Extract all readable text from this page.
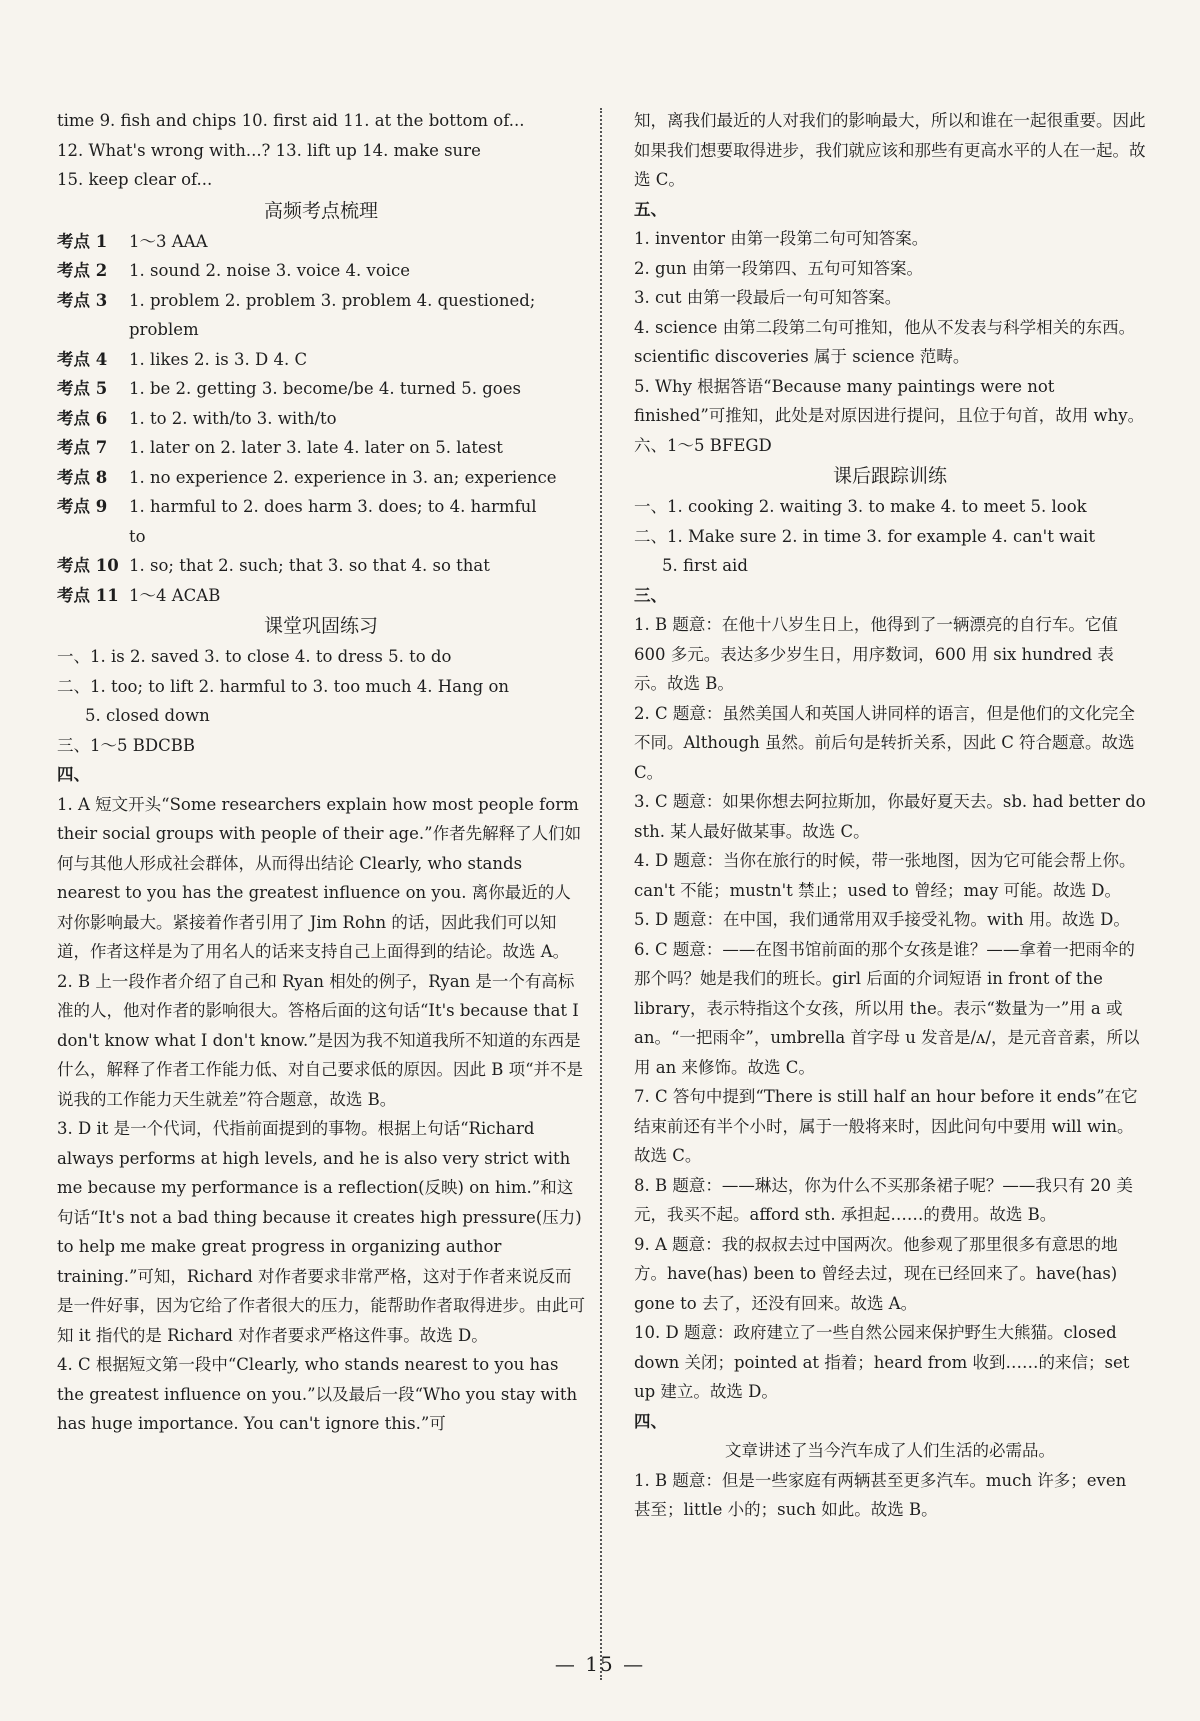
time 9. fish and chips 10. first aid 11. at the bottom of...
12. What's wrong with...? 13. lift up 14. make sure
15. keep clear of...
高频考点梳理
考点 1 1～3 AAA
考点 2 1. sound 2. noise 3. voice 4. voice
考点 3 1. problem 2. problem 3. problem 4. questioned;
problem
考点 4 1. likes 2. is 3. D 4. C
考点 5 1. be 2. getting 3. become/be 4. turned 5. goes
考点 6 1. to 2. with/to 3. with/to
考点 7 1. later on 2. later 3. late 4. later on 5. latest
考点 8 1. no experience 2. experience in 3. an; experience
考点 9 1. harmful to 2. does harm 3. does; to 4. harmful
to
考点 10 1. so; that 2. such; that 3. so that 4. so that
考点 11 1～4 ACAB
课堂巩固练习
一、1. is 2. saved 3. to close 4. to dress 5. to do
二、1. too; to lift 2. harmful to 3. too much 4. Hang on
5. closed down
三、1～5 BDCBB
四、
1. A 短文开头“Some researchers explain how most people form their social groups with people of their age.”作者先解释了人们如何与其他人形成社会群体，从而得出结论 Clearly, who stands nearest to you has the greatest influence on you. 离你最近的人对你影响最大。紧接着作者引用了 Jim Rohn 的话，因此我们可以知道，作者这样是为了用名人的话来支持自己上面得到的结论。故选 A。
2. B 上一段作者介绍了自己和 Ryan 相处的例子，Ryan 是一个有高标准的人，他对作者的影响很大。答格后面的这句话“It's because that I don't know what I don't know.”是因为我不知道我所不知道的东西是什么，解释了作者工作能力低、对自己要求低的原因。因此 B 项“并不是说我的工作能力天生就差”符合题意，故选 B。
3. D it 是一个代词，代指前面提到的事物。根据上句话“Richard always performs at high levels, and he is also very strict with me because my performance is a reflection(反映) on him.”和这句话“It's not a bad thing because it creates high pressure(压力) to help me make great progress in organizing author training.”可知，Richard 对作者要求非常严格，这对于作者来说反而是一件好事，因为它给了作者很大的压力，能帮助作者取得进步。由此可知 it 指代的是 Richard 对作者要求严格这件事。故选 D。
4. C 根据短文第一段中“Clearly, who stands nearest to you has the greatest influence on you.”以及最后一段“Who you stay with has huge importance. You can't ignore this.”可
知，离我们最近的人对我们的影响最大，所以和谁在一起很重要。因此如果我们想要取得进步，我们就应该和那些有更高水平的人在一起。故选 C。
五、
1. inventor 由第一段第二句可知答案。
2. gun 由第一段第四、五句可知答案。
3. cut 由第一段最后一句可知答案。
4. science 由第二段第二句可推知，他从不发表与科学相关的东西。scientific discoveries 属于 science 范畴。
5. Why 根据答语“Because many paintings were not finished”可推知，此处是对原因进行提问，且位于句首，故用 why。
六、1～5 BFEGD
课后跟踪训练
一、1. cooking 2. waiting 3. to make 4. to meet 5. look
二、1. Make sure 2. in time 3. for example 4. can't wait
5. first aid
三、
1. B 题意：在他十八岁生日上，他得到了一辆漂亮的自行车。它值 600 多元。表达多少岁生日，用序数词，600 用 six hundred 表示。故选 B。
2. C 题意：虽然美国人和英国人讲同样的语言，但是他们的文化完全不同。Although 虽然。前后句是转折关系，因此 C 符合题意。故选 C。
3. C 题意：如果你想去阿拉斯加，你最好夏天去。sb. had better do sth. 某人最好做某事。故选 C。
4. D 题意：当你在旅行的时候，带一张地图，因为它可能会帮上你。can't 不能；mustn't 禁止；used to 曾经；may 可能。故选 D。
5. D 题意：在中国，我们通常用双手接受礼物。with 用。故选 D。
6. C 题意：——在图书馆前面的那个女孩是谁？——拿着一把雨伞的那个吗？她是我们的班长。girl 后面的介词短语 in front of the library，表示特指这个女孩，所以用 the。表示“数量为一”用 a 或 an。“一把雨伞”，umbrella 首字母 u 发音是/ʌ/，是元音音素，所以用 an 来修饰。故选 C。
7. C 答句中提到“There is still half an hour before it ends”在它结束前还有半个小时，属于一般将来时，因此问句中要用 will win。故选 C。
8. B 题意：——琳达，你为什么不买那条裙子呢？——我只有 20 美元，我买不起。afford sth. 承担起……的费用。故选 B。
9. A 题意：我的叔叔去过中国两次。他参观了那里很多有意思的地方。have(has) been to 曾经去过，现在已经回来了。have(has) gone to 去了，还没有回来。故选 A。
10. D 题意：政府建立了一些自然公园来保护野生大熊猫。closed down 关闭；pointed at 指着；heard from 收到……的来信；set up 建立。故选 D。
四、
文章讲述了当今汽车成了人们生活的必需品。
1. B 题意：但是一些家庭有两辆甚至更多汽车。much 许多；even 甚至；little 小的；such 如此。故选 B。
— 15 —
